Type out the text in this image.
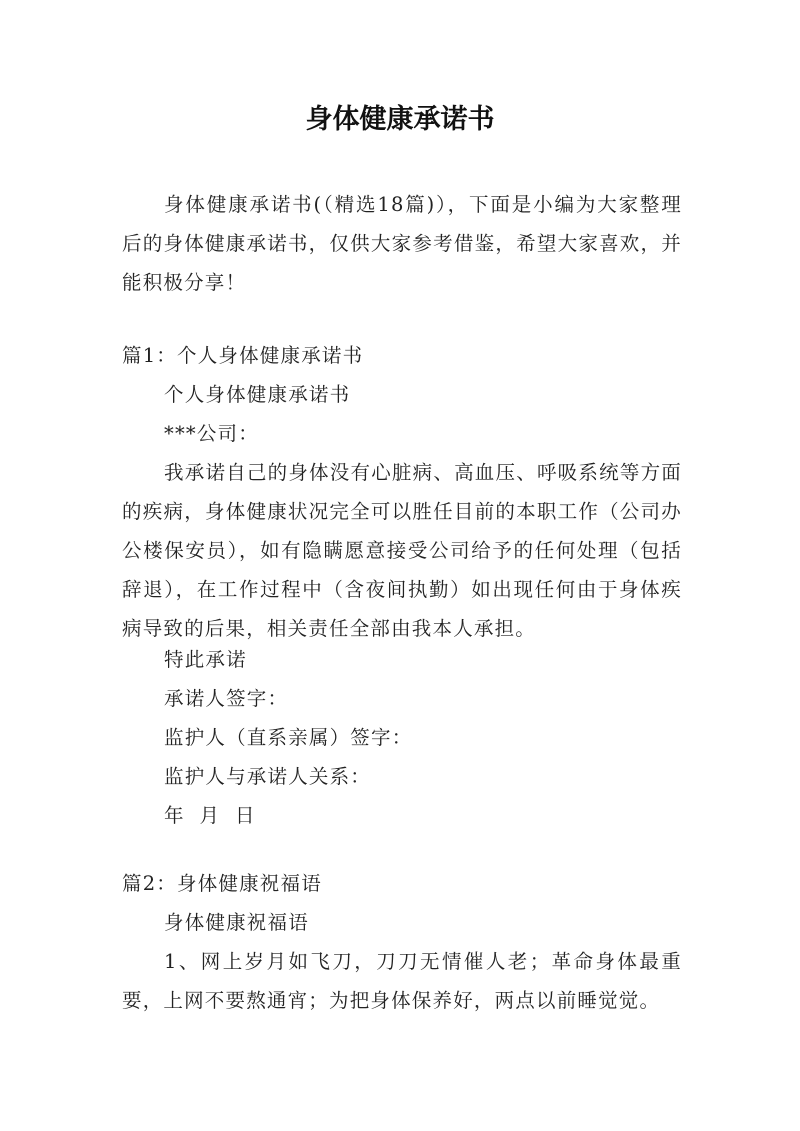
身体健康承诺书

身体健康承诺书(（精选18篇)），下面是小编为大家整理后的身体健康承诺书，仅供大家参考借鉴，希望大家喜欢，并能积极分享！

篇1：个人身体健康承诺书

个人身体健康承诺书

***公司：

我承诺自己的身体没有心脏病、高血压、呼吸系统等方面的疾病，身体健康状况完全可以胜任目前的本职工作（公司办公楼保安员），如有隐瞒愿意接受公司给予的任何处理（包括辞退），在工作过程中（含夜间执勤）如出现任何由于身体疾病导致的后果，相关责任全部由我本人承担。

特此承诺

承诺人签字：

监护人（直系亲属）签字：

监护人与承诺人关系：

年  月  日

篇2：身体健康祝福语

身体健康祝福语

1、网上岁月如飞刀，刀刀无情催人老；革命身体最重要，上网不要熬通宵；为把身体保养好，两点以前睡觉觉。
